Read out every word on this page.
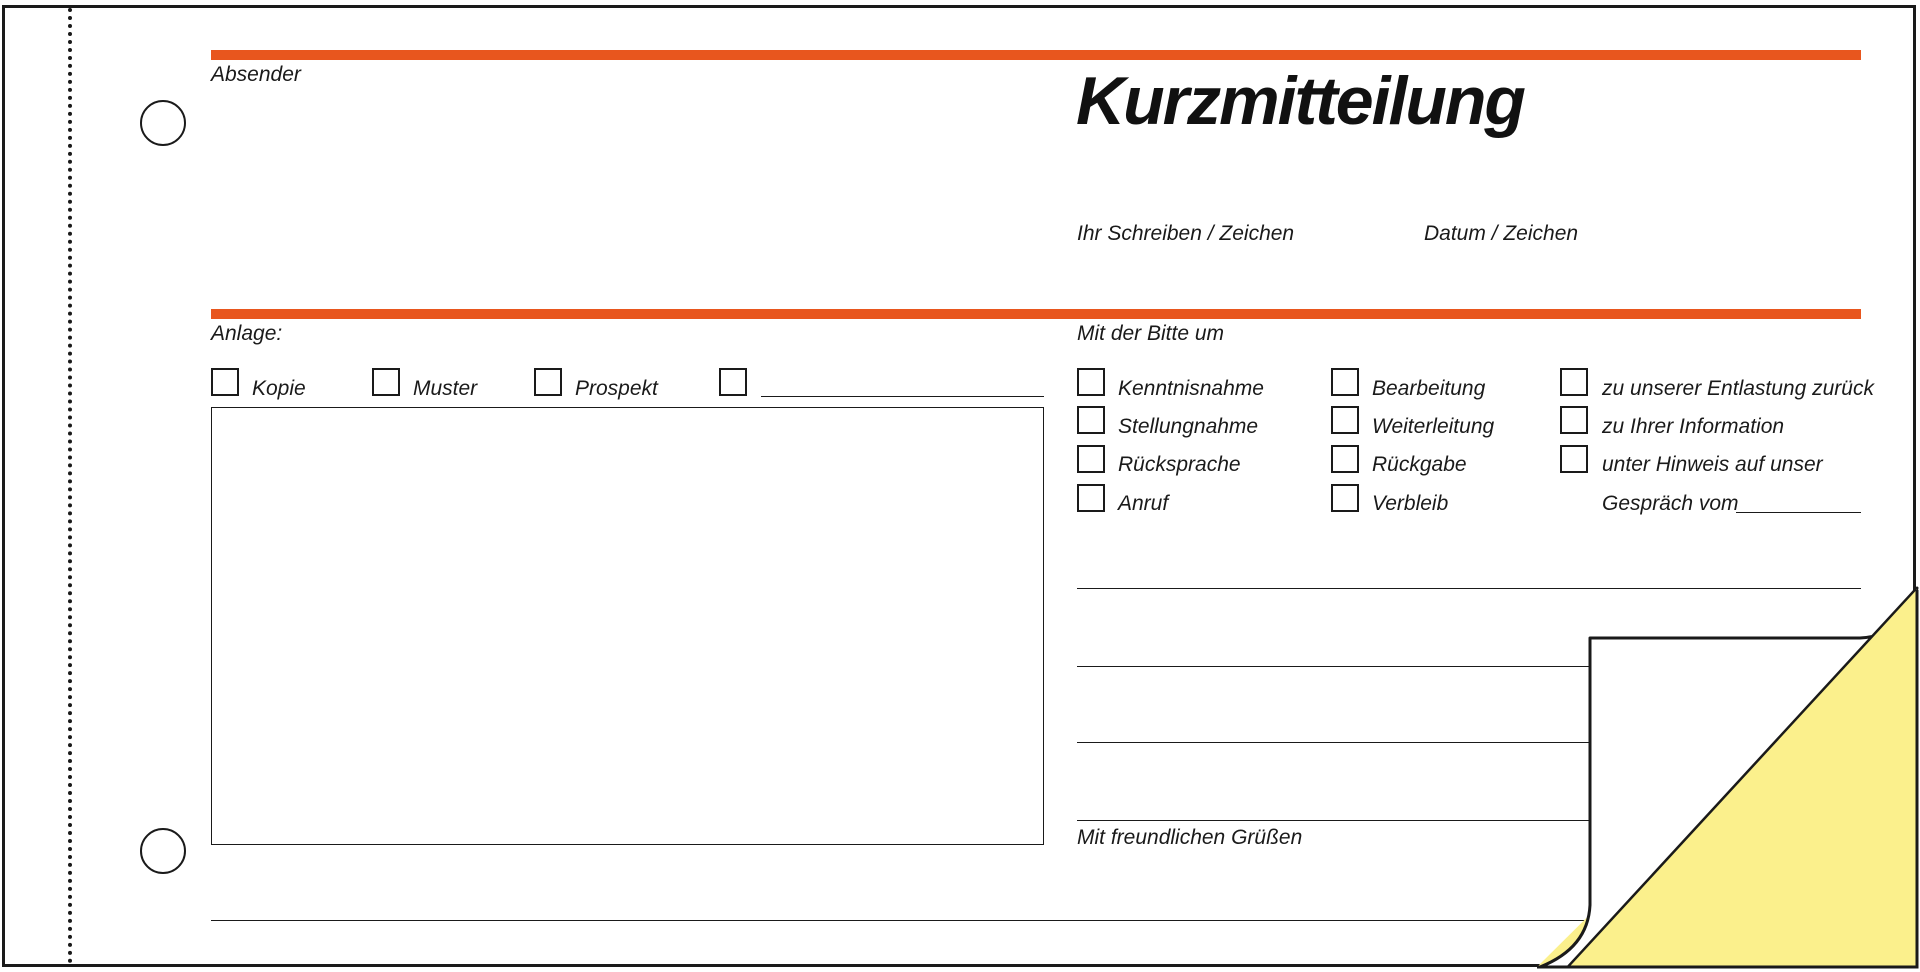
Absender	Kurzmitteilung
Ihr Schreiben / Zeichen	Datum / Zeichen
Anlage:
Kopie	Muster	Prospekt
Mit der Bitte um
Kenntnisnahme
Stellungnahme
Rücksprache
Anruf
Bearbeitung
Weiterleitung
Rückgabe
Verbleib
zu unserer Entlastung zurück
zu Ihrer Information
unter Hinweis auf unser
Gespräch vom
Mit freundlichen Grüßen
